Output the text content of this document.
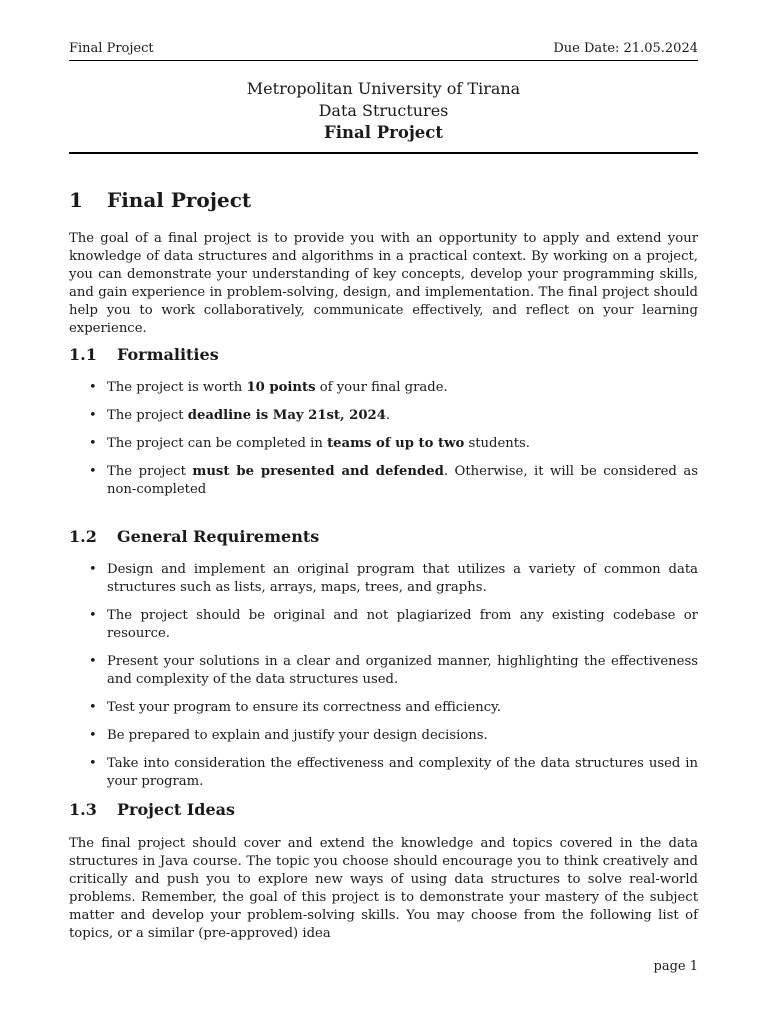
Final Project	Due Date: 21.05.2024
Metropolitan University of Tirana
Data Structures
Final Project
1 Final Project
The goal of a final project is to provide you with an opportunity to apply and extend your knowledge of data structures and algorithms in a practical context. By working on a project, you can demonstrate your understanding of key concepts, develop your programming skills, and gain experience in problem-solving, design, and implementation. The final project should help you to work collaboratively, communicate effectively, and reflect on your learning experience.
1.1 Formalities
• The project is worth 10 points of your final grade.
• The project deadline is May 21st, 2024.
• The project can be completed in teams of up to two students.
• The project must be presented and defended. Otherwise, it will be considered as non-completed
1.2 General Requirements
• Design and implement an original program that utilizes a variety of common data structures such as lists, arrays, maps, trees, and graphs.
• The project should be original and not plagiarized from any existing codebase or resource.
• Present your solutions in a clear and organized manner, highlighting the effectiveness and complexity of the data structures used.
• Test your program to ensure its correctness and efficiency.
• Be prepared to explain and justify your design decisions.
• Take into consideration the effectiveness and complexity of the data structures used in your program.
1.3 Project Ideas
The final project should cover and extend the knowledge and topics covered in the data structures in Java course. The topic you choose should encourage you to think creatively and critically and push you to explore new ways of using data structures to solve real-world problems. Remember, the goal of this project is to demonstrate your mastery of the subject matter and develop your problem-solving skills. You may choose from the following list of topics, or a similar (pre-approved) idea
page 1
